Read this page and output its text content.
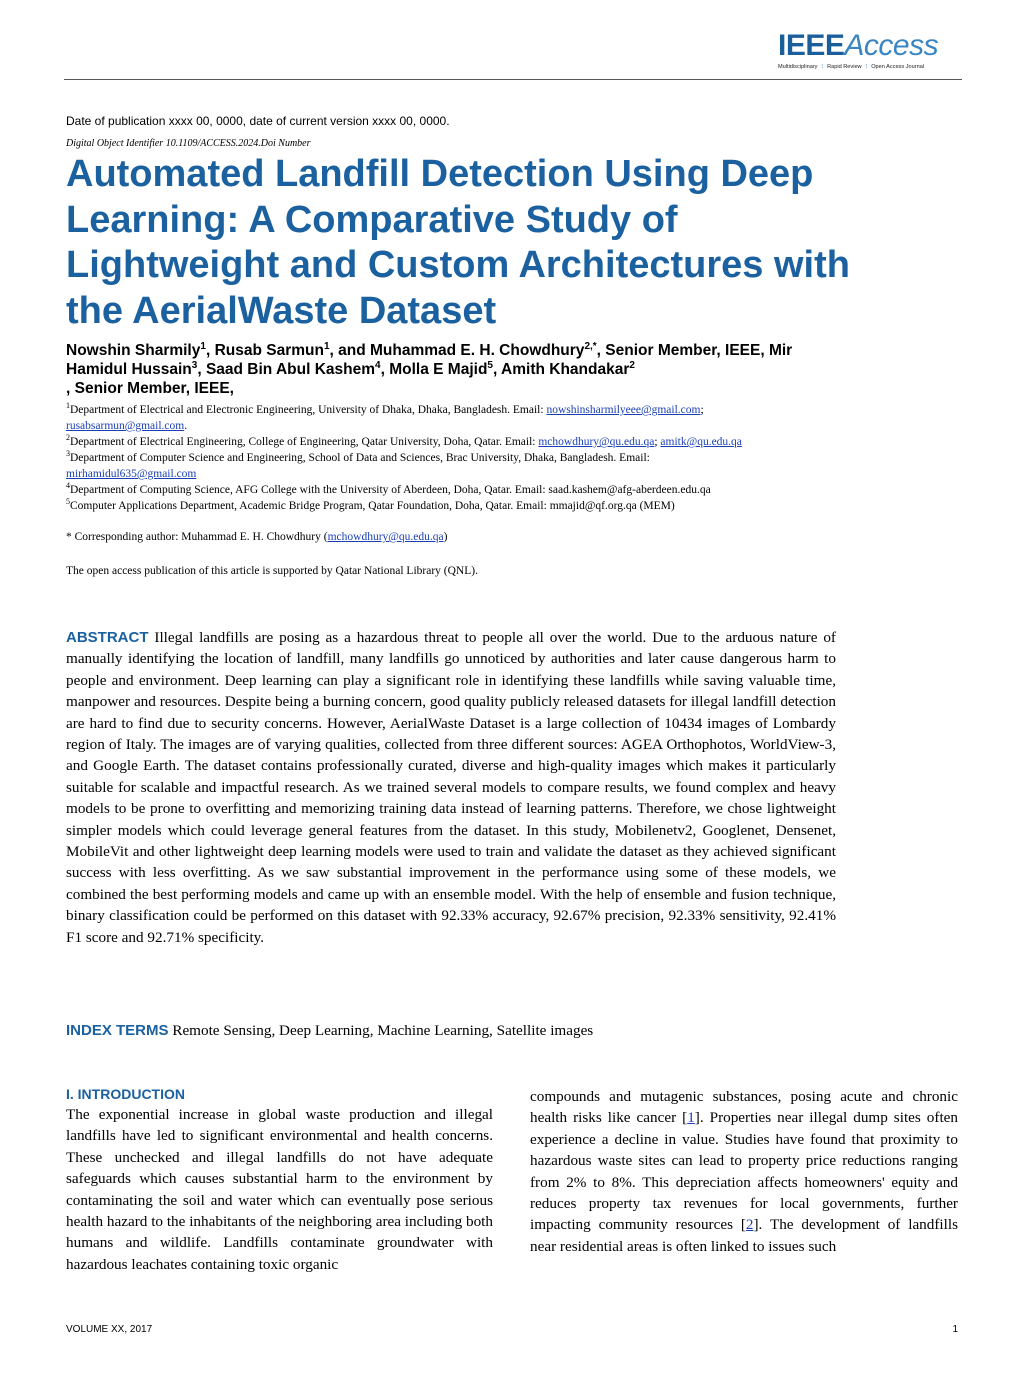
IEEEAccess
Multidisciplinary ⋮ Rapid Review ⋮ Open Access Journal
Date of publication xxxx 00, 0000, date of current version xxxx 00, 0000.
Digital Object Identifier 10.1109/ACCESS.2024.Doi Number
Automated Landfill Detection Using Deep Learning: A Comparative Study of Lightweight and Custom Architectures with the AerialWaste Dataset
Nowshin Sharmily$^1$, Rusab Sarmun$^1$, and Muhammad E. H. Chowdhury$^{2,*}$, Senior Member, IEEE, Mir Hamidul Hussain$^3$, Saad Bin Abul Kashem$^4$, Molla E Majid$^5$, Amith Khandakar$^2$
, Senior Member, IEEE,
$^1$Department of Electrical and Electronic Engineering, University of Dhaka, Dhaka, Bangladesh. Email: nowshinsharmilyeee@gmail.com;
rusabsarmun@gmail.com.
$^2$Department of Electrical Engineering, College of Engineering, Qatar University, Doha, Qatar. Email: mchowdhury@qu.edu.qa; amitk@qu.edu.qa
$^3$Department of Computer Science and Engineering, School of Data and Sciences, Brac University, Dhaka, Bangladesh. Email:
mirhamidul635@gmail.com
$^4$Department of Computing Science, AFG College with the University of Aberdeen, Doha, Qatar. Email: saad.kashem@afg-aberdeen.edu.qa
$^5$Computer Applications Department, Academic Bridge Program, Qatar Foundation, Doha, Qatar. Email: mmajid@qf.org.qa (MEM)
* Corresponding author: Muhammad E. H. Chowdhury (mchowdhury@qu.edu.qa)
The open access publication of this article is supported by Qatar National Library (QNL).
ABSTRACT Illegal landfills are posing as a hazardous threat to people all over the world. Due to the arduous nature of manually identifying the location of landfill, many landfills go unnoticed by authorities and later cause dangerous harm to people and environment. Deep learning can play a significant role in identifying these landfills while saving valuable time, manpower and resources. Despite being a burning concern, good quality publicly released datasets for illegal landfill detection are hard to find due to security concerns. However, AerialWaste Dataset is a large collection of 10434 images of Lombardy region of Italy. The images are of varying qualities, collected from three different sources: AGEA Orthophotos, WorldView-3, and Google Earth. The dataset contains professionally curated, diverse and high-quality images which makes it particularly suitable for scalable and impactful research. As we trained several models to compare results, we found complex and heavy models to be prone to overfitting and memorizing training data instead of learning patterns. Therefore, we chose lightweight simpler models which could leverage general features from the dataset. In this study, Mobilenetv2, Googlenet, Densenet, MobileVit and other lightweight deep learning models were used to train and validate the dataset as they achieved significant success with less overfitting. As we saw substantial improvement in the performance using some of these models, we combined the best performing models and came up with an ensemble model. With the help of ensemble and fusion technique, binary classification could be performed on this dataset with 92.33% accuracy, 92.67% precision, 92.33% sensitivity, 92.41% F1 score and 92.71% specificity.
INDEX TERMS Remote Sensing, Deep Learning, Machine Learning, Satellite images
I. INTRODUCTION
The exponential increase in global waste production and illegal landfills have led to significant environmental and health concerns. These unchecked and illegal landfills do not have adequate safeguards which causes substantial harm to the environment by contaminating the soil and water which can eventually pose serious health hazard to the inhabitants of the neighboring area including both humans and wildlife. Landfills contaminate groundwater with hazardous leachates containing toxic organic
compounds and mutagenic substances, posing acute and chronic health risks like cancer [1]. Properties near illegal dump sites often experience a decline in value. Studies have found that proximity to hazardous waste sites can lead to property price reductions ranging from 2% to 8%. This depreciation affects homeowners' equity and reduces property tax revenues for local governments, further impacting community resources [2]. The development of landfills near residential areas is often linked to issues such
VOLUME XX, 2017	1
